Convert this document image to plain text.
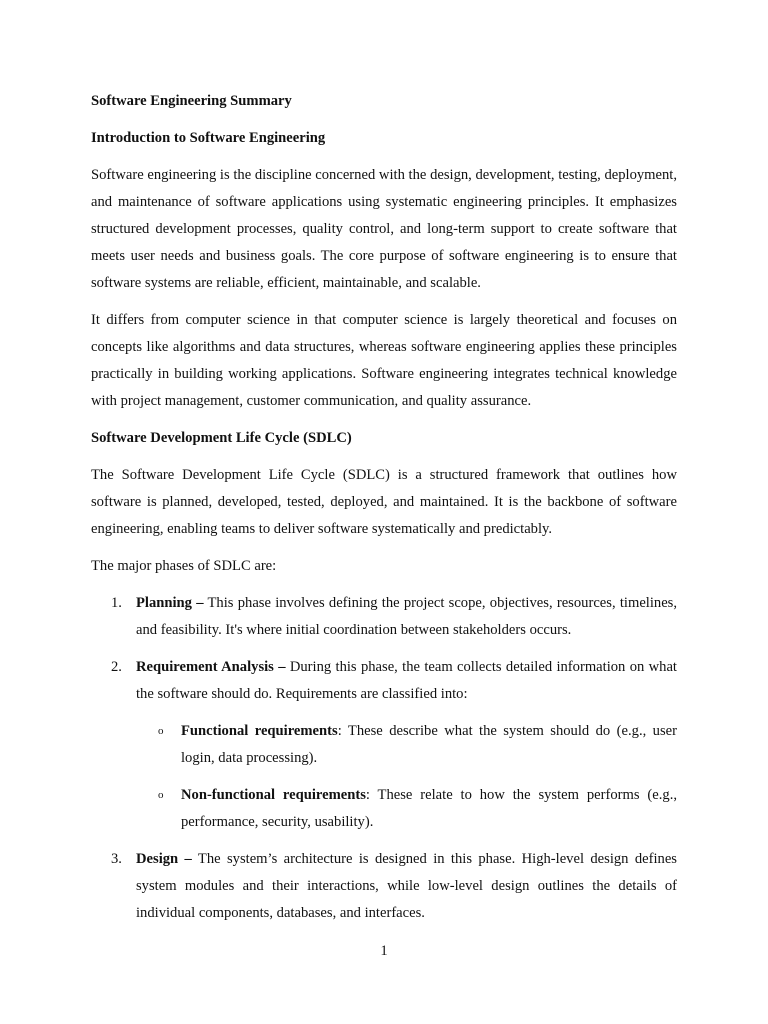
Software Engineering Summary
Introduction to Software Engineering

Software engineering is the discipline concerned with the design, development, testing, deployment, and maintenance of software applications using systematic engineering principles. It emphasizes structured development processes, quality control, and long-term support to create software that meets user needs and business goals. The core purpose of software engineering is to ensure that software systems are reliable, efficient, maintainable, and scalable.

It differs from computer science in that computer science is largely theoretical and focuses on concepts like algorithms and data structures, whereas software engineering applies these principles practically in building working applications. Software engineering integrates technical knowledge with project management, customer communication, and quality assurance.

Software Development Life Cycle (SDLC)

The Software Development Life Cycle (SDLC) is a structured framework that outlines how software is planned, developed, tested, deployed, and maintained. It is the backbone of software engineering, enabling teams to deliver software systematically and predictably.

The major phases of SDLC are:

1. Planning – This phase involves defining the project scope, objectives, resources, timelines, and feasibility. It's where initial coordination between stakeholders occurs.
2. Requirement Analysis – During this phase, the team collects detailed information on what the software should do. Requirements are classified into:
o Functional requirements: These describe what the system should do (e.g., user login, data processing).
o Non-functional requirements: These relate to how the system performs (e.g., performance, security, usability).
3. Design – The system’s architecture is designed in this phase. High-level design defines system modules and their interactions, while low-level design outlines the details of individual components, databases, and interfaces.
1
